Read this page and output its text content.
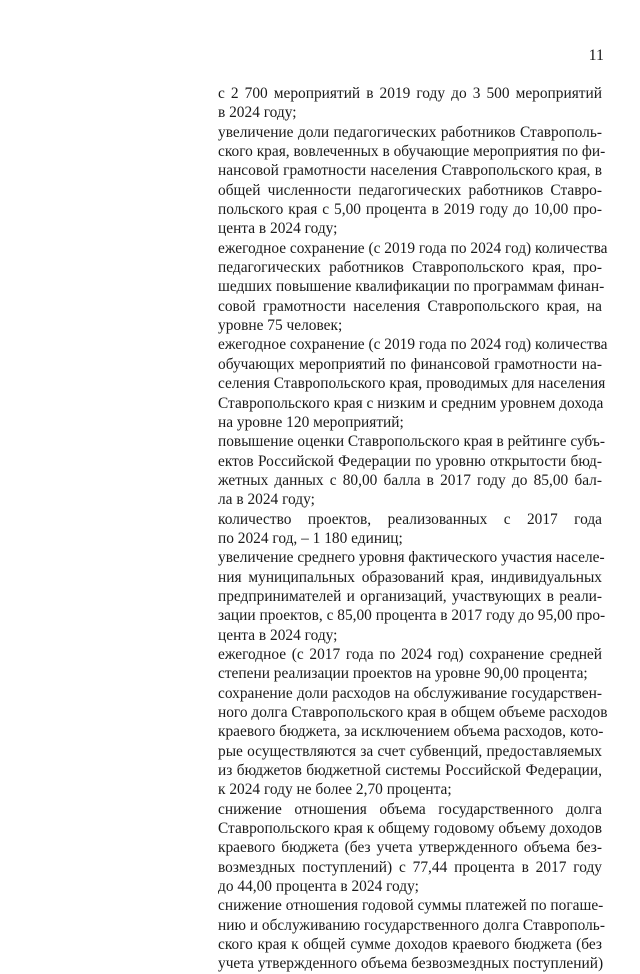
11
с 2 700 мероприятий в 2019 году до 3 500 мероприятий
в 2024 году;
увеличение доли педагогических работников Ставрополь-
ского края, вовлеченных в обучающие мероприятия по фи-
нансовой грамотности населения Ставропольского края, в
общей численности педагогических работников Ставро-
польского края с 5,00 процента в 2019 году до 10,00 про-
цента в 2024 году;
ежегодное сохранение (с 2019 года по 2024 год) количества
педагогических работников Ставропольского края, про-
шедших повышение квалификации по программам финан-
совой грамотности населения Ставропольского края, на
уровне 75 человек;
ежегодное сохранение (с 2019 года по 2024 год) количества
обучающих мероприятий по финансовой грамотности на-
селения Ставропольского края, проводимых для населения
Ставропольского края с низким и средним уровнем дохода
на уровне 120 мероприятий;
повышение оценки Ставропольского края в рейтинге субъ-
ектов Российской Федерации по уровню открытости бюд-
жетных данных с 80,00 балла в 2017 году до 85,00 бал-
ла в 2024 году;
количество проектов, реализованных с 2017 года
по 2024 год, – 1 180 единиц;
увеличение среднего уровня фактического участия населе-
ния муниципальных образований края, индивидуальных
предпринимателей и организаций, участвующих в реали-
зации проектов, с 85,00 процента в 2017 году до 95,00 про-
цента в 2024 году;
ежегодное (с 2017 года по 2024 год) сохранение средней
степени реализации проектов на уровне 90,00 процента;
сохранение доли расходов на обслуживание государствен-
ного долга Ставропольского края в общем объеме расходов
краевого бюджета, за исключением объема расходов, кото-
рые осуществляются за счет субвенций, предоставляемых
из бюджетов бюджетной системы Российской Федерации,
к 2024 году не более 2,70 процента;
снижение отношения объема государственного долга
Ставропольского края к общему годовому объему доходов
краевого бюджета (без учета утвержденного объема без-
возмездных поступлений) с 77,44 процента в 2017 году
до 44,00 процента в 2024 году;
снижение отношения годовой суммы платежей по погаше-
нию и обслуживанию государственного долга Ставрополь-
ского края к общей сумме доходов краевого бюджета (без
учета утвержденного объема безвозмездных поступлений)
